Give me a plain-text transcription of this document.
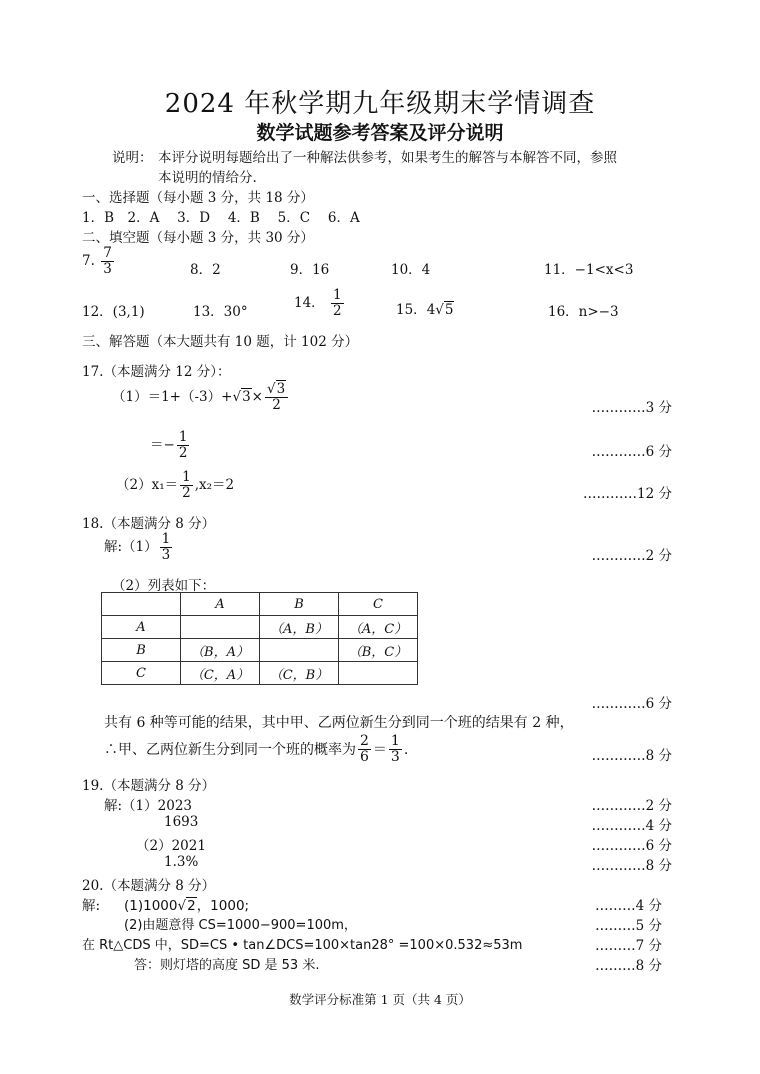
2024 年秋学期九年级期末学情调查
数学试题参考答案及评分说明
说明： 本评分说明每题给出了一种解法供参考，如果考生的解答与本解答不同，参照
本说明的情给分.
一、选择题（每小题 3 分，共 18 分）
1．B　2．A　 3．D　 4．B　 5．C　 6．A
二、填空题（每小题 3 分，共 30 分）
7. $\frac{7}{3}$	8．2	9．16	10．4	11．−1<x<3
12．(3,1)	13．30°
14． $\frac{1}{2}$	15．4√5	16．n>−3
三、解答题（本大题共有 10 题，计 102 分）
17.（本题满分 12 分）：
$(1)=1+(-3)+√3\times \frac{√3}{2}$	…………3 分
＝− $\frac{1}{2}$	…………6 分
$(2)x_1= \frac{1}{2} ,x_2=2$
…………12 分
18.（本题满分 8 分）
解:（1） $\frac{1}{3}$	…………2 分
（2）列表如下：
	A	B	C
A		（A，B）	（A，C）
B	（B，A）		（B，C）
C	（C，A）	（C，B）	
…………6 分
共有 6 种等可能的结果，其中甲、乙两位新生分到同一个班的结果有 2 种，
∴甲、乙两位新生分到同一个班的概率为 $\frac{2}{6} = \frac{1}{3}$ .	…………8 分
19.（本题满分 8 分）
解:（1）2023	…………2 分
1693	…………4 分
（2）2021	…………6 分
1.3%	…………8 分
20.（本题满分 8 分）
解: (1)1000√2，1000;	………4 分
(2)由题意得 CS=1000−900=100m，	………5 分
在 Rt△CDS 中，SD=CS • tan∠DCS=100×tan28° =100×0.532≈53m	………7 分
答：则灯塔的高度 SD 是 53 米.	………8 分
数学评分标准第 1 页（共 4 页）
